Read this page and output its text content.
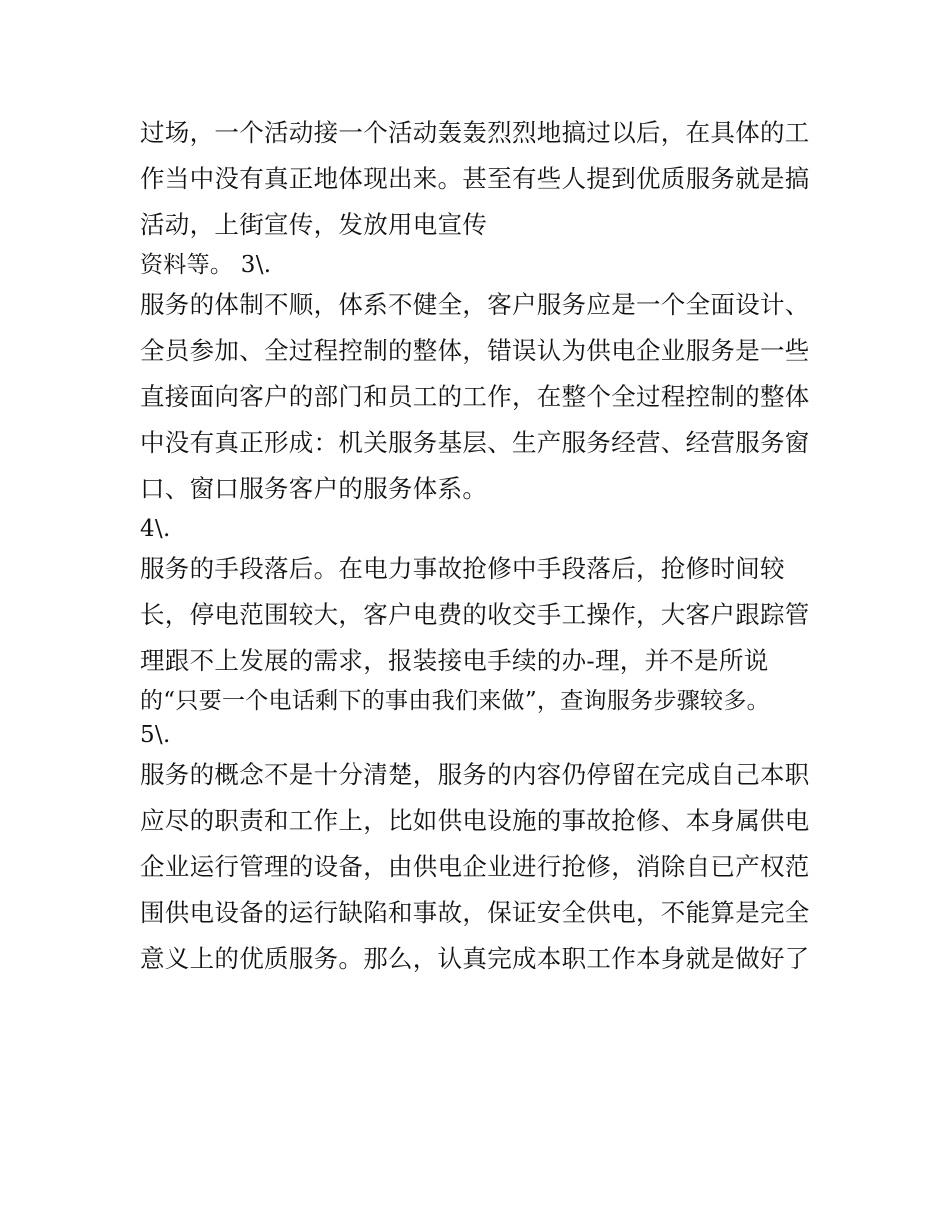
过场，一个活动接一个活动轰轰烈烈地搞过以后，在具体的工
作当中没有真正地体现出来。甚至有些人提到优质服务就是搞
活动，上街宣传，发放用电宣传
资料等。 3\.
服务的体制不顺，体系不健全，客户服务应是一个全面设计、
全员参加、全过程控制的整体，错误认为供电企业服务是一些
直接面向客户的部门和员工的工作，在整个全过程控制的整体
中没有真正形成：机关服务基层、生产服务经营、经营服务窗
口、窗口服务客户的服务体系。
4\.
服务的手段落后。在电力事故抢修中手段落后，抢修时间较
长，停电范围较大，客户电费的收交手工操作，大客户跟踪管
理跟不上发展的需求，报装接电手续的办-理，并不是所说
的“只要一个电话剩下的事由我们来做”，查询服务步骤较多。
5\.
服务的概念不是十分清楚，服务的内容仍停留在完成自己本职
应尽的职责和工作上，比如供电设施的事故抢修、本身属供电
企业运行管理的设备，由供电企业进行抢修，消除自已产权范
围供电设备的运行缺陷和事故，保证安全供电，不能算是完全
意义上的优质服务。那么，认真完成本职工作本身就是做好了
